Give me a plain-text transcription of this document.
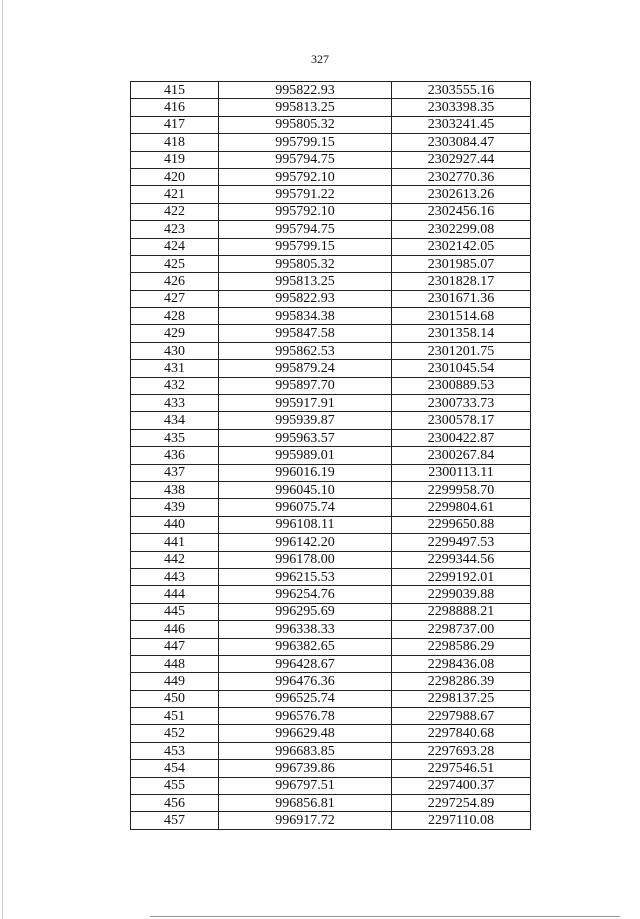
327
415	995822.93	2303555.16
416	995813.25	2303398.35
417	995805.32	2303241.45
418	995799.15	2303084.47
419	995794.75	2302927.44
420	995792.10	2302770.36
421	995791.22	2302613.26
422	995792.10	2302456.16
423	995794.75	2302299.08
424	995799.15	2302142.05
425	995805.32	2301985.07
426	995813.25	2301828.17
427	995822.93	2301671.36
428	995834.38	2301514.68
429	995847.58	2301358.14
430	995862.53	2301201.75
431	995879.24	2301045.54
432	995897.70	2300889.53
433	995917.91	2300733.73
434	995939.87	2300578.17
435	995963.57	2300422.87
436	995989.01	2300267.84
437	996016.19	2300113.11
438	996045.10	2299958.70
439	996075.74	2299804.61
440	996108.11	2299650.88
441	996142.20	2299497.53
442	996178.00	2299344.56
443	996215.53	2299192.01
444	996254.76	2299039.88
445	996295.69	2298888.21
446	996338.33	2298737.00
447	996382.65	2298586.29
448	996428.67	2298436.08
449	996476.36	2298286.39
450	996525.74	2298137.25
451	996576.78	2297988.67
452	996629.48	2297840.68
453	996683.85	2297693.28
454	996739.86	2297546.51
455	996797.51	2297400.37
456	996856.81	2297254.89
457	996917.72	2297110.08
